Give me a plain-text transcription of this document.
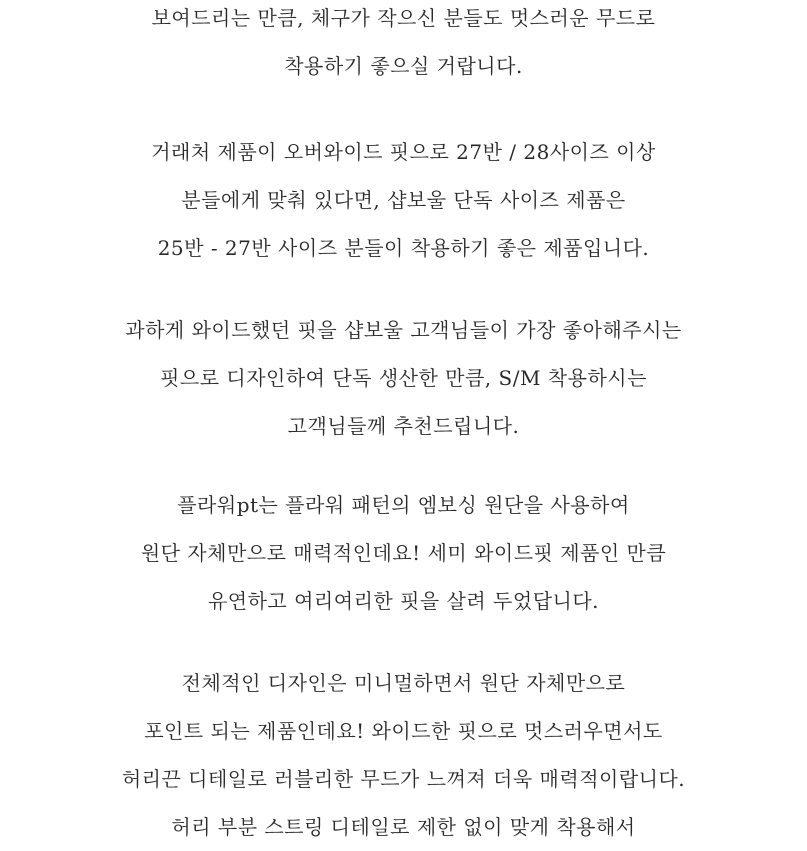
보여드리는 만큼, 체구가 작으신 분들도 멋스러운 무드로
착용하기 좋으실 거랍니다.
거래처 제품이 오버와이드 핏으로 27반 / 28사이즈 이상
분들에게 맞춰 있다면, 샵보울 단독 사이즈 제품은
25반 - 27반 사이즈 분들이 착용하기 좋은 제품입니다.
과하게 와이드했던 핏을 샵보울 고객님들이 가장 좋아해주시는
핏으로 디자인하여 단독 생산한 만큼, S/M 착용하시는
고객님들께 추천드립니다.
플라워pt는 플라워 패턴의 엠보싱 원단을 사용하여
원단 자체만으로 매력적인데요! 세미 와이드핏 제품인 만큼
유연하고 여리여리한 핏을 살려 두었답니다.
전체적인 디자인은 미니멀하면서 원단 자체만으로
포인트 되는 제품인데요! 와이드한 핏으로 멋스러우면서도
허리끈 디테일로 러블리한 무드가 느껴져 더욱 매력적이랍니다.
허리 부분 스트링 디테일로 제한 없이 맞게 착용해서
